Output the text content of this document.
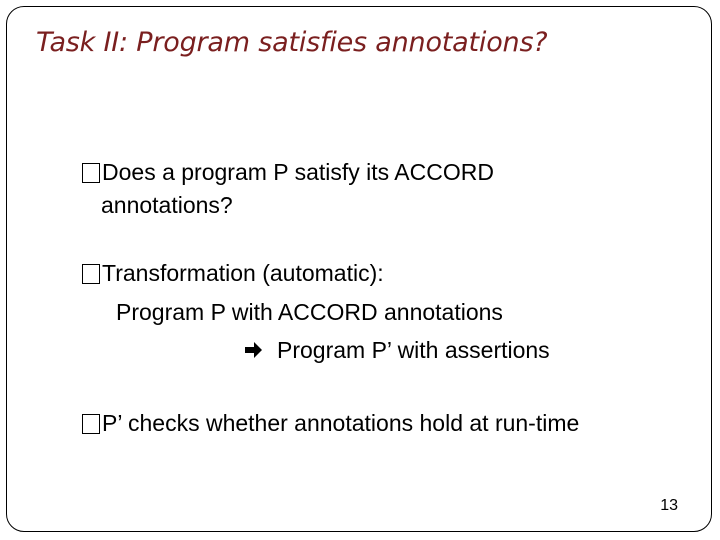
Task II: Program satisfies annotations?
Does a program P satisfy its ACCORD
annotations?
Transformation (automatic):
Program P with ACCORD annotations
Program P’ with assertions
P’ checks whether annotations hold at run-time
13
